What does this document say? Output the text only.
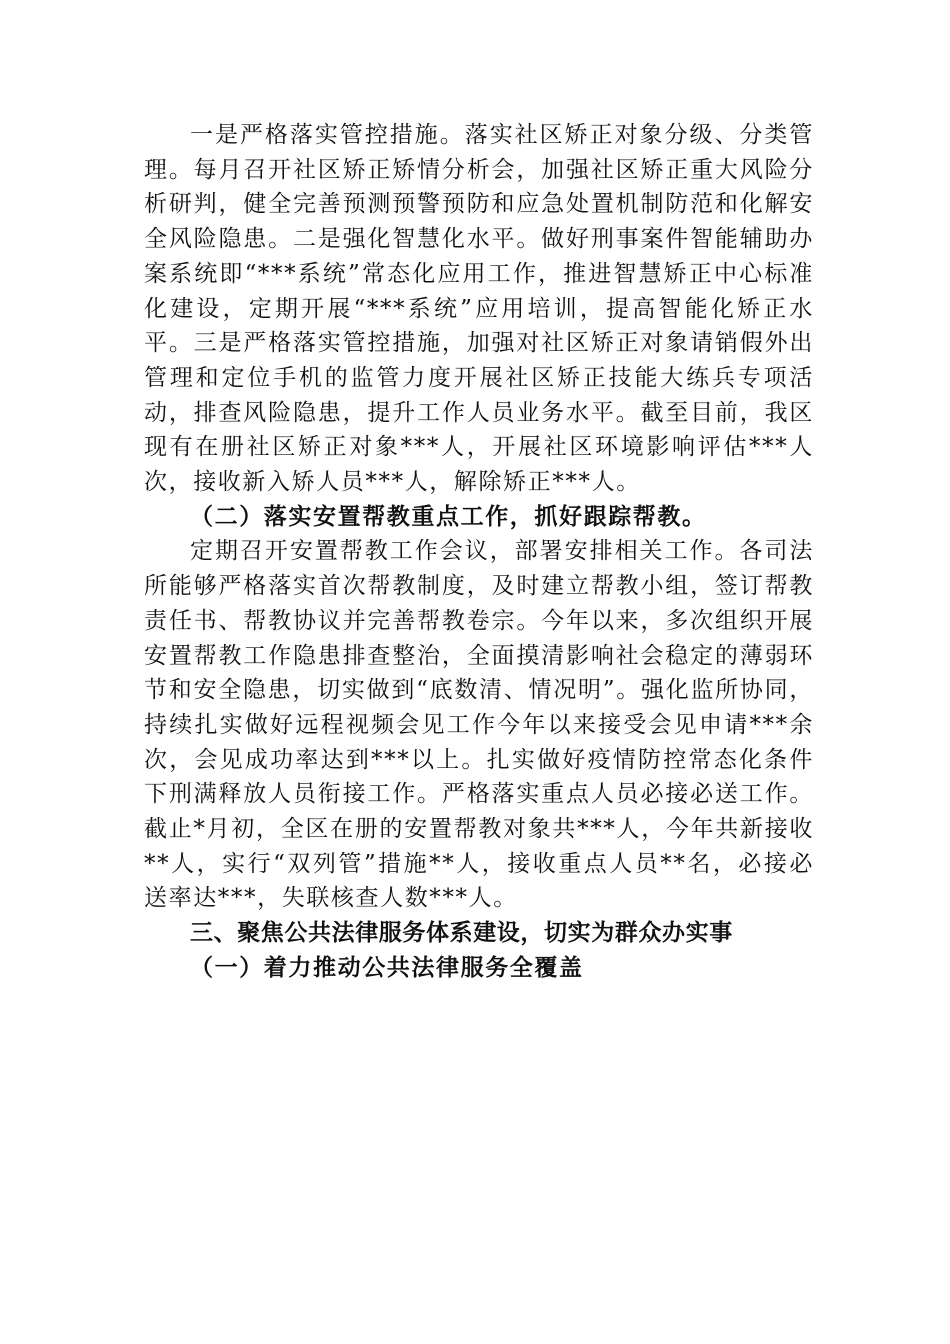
一是严格落实管控措施。落实社区矫正对象分级、分类管理。每月召开社区矫正矫情分析会，加强社区矫正重大风险分析研判，健全完善预测预警预防和应急处置机制防范和化解安全风险隐患。二是强化智慧化水平。做好刑事案件智能辅助办案系统即“***系统”常态化应用工作，推进智慧矫正中心标准化建设，定期开展“***系统”应用培训，提高智能化矫正水平。三是严格落实管控措施，加强对社区矫正对象请销假外出管理和定位手机的监管力度开展社区矫正技能大练兵专项活动，排查风险隐患，提升工作人员业务水平。截至目前，我区现有在册社区矫正对象***人，开展社区环境影响评估***人次，接收新入矫人员***人，解除矫正***人。

（二）落实安置帮教重点工作，抓好跟踪帮教。

定期召开安置帮教工作会议，部署安排相关工作。各司法所能够严格落实首次帮教制度，及时建立帮教小组，签订帮教责任书、帮教协议并完善帮教卷宗。今年以来，多次组织开展安置帮教工作隐患排查整治，全面摸清影响社会稳定的薄弱环节和安全隐患，切实做到“底数清、情况明”。强化监所协同，持续扎实做好远程视频会见工作今年以来接受会见申请***余次，会见成功率达到***以上。扎实做好疫情防控常态化条件下刑满释放人员衔接工作。严格落实重点人员必接必送工作。截止*月初，全区在册的安置帮教对象共***人，今年共新接收**人，实行“双列管”措施**人，接收重点人员**名，必接必送率达***，失联核查人数***人。

三、聚焦公共法律服务体系建设，切实为群众办实事

（一）着力推动公共法律服务全覆盖
